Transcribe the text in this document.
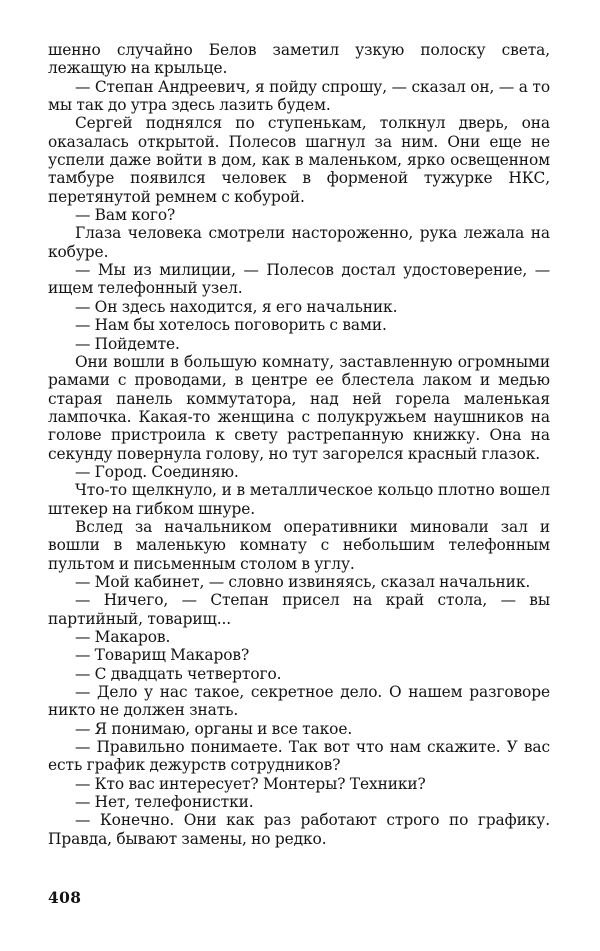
шенно случайно Белов заметил узкую полоску света, лежащую на крыльце.

— Степан Андреевич, я пойду спрошу, — сказал он, — а то мы так до утра здесь лазить будем.

Сергей поднялся по ступенькам, толкнул дверь, она оказалась открытой. Полесов шагнул за ним. Они еще не успели даже войти в дом, как в маленьком, ярко освещенном тамбуре появился человек в форменой тужурке НКС, перетянутой ремнем с кобурой.

— Вам кого?

Глаза человека смотрели настороженно, рука лежала на кобуре.

— Мы из милиции, — Полесов достал удостоверение, — ищем телефонный узел.

— Он здесь находится, я его начальник.

— Нам бы хотелось поговорить с вами.

— Пойдемте.

Они вошли в большую комнату, заставленную огромными рамами с проводами, в центре ее блестела лаком и медью старая панель коммутатора, над ней горела маленькая лампочка. Какая-то женщина с полукружьем наушников на голове пристроила к свету растрепанную книжку. Она на секунду повернула голову, но тут загорелся красный глазок.

— Город. Соединяю.

Что-то щелкнуло, и в металлическое кольцо плотно вошел штекер на гибком шнуре.

Вслед за начальником оперативники миновали зал и вошли в маленькую комнату с небольшим телефонным пультом и письменным столом в углу.

— Мой кабинет, — словно извиняясь, сказал начальник.

— Ничего, — Степан присел на край стола, — вы партийный, товарищ...

— Макаров.

— Товарищ Макаров?

— С двадцать четвертого.

— Дело у нас такое, секретное дело. О нашем разговоре никто не должен знать.

— Я понимаю, органы и все такое.

— Правильно понимаете. Так вот что нам скажите. У вас есть график дежурств сотрудников?

— Кто вас интересует? Монтеры? Техники?

— Нет, телефонистки.

— Конечно. Они как раз работают строго по графику. Правда, бывают замены, но редко.

408
